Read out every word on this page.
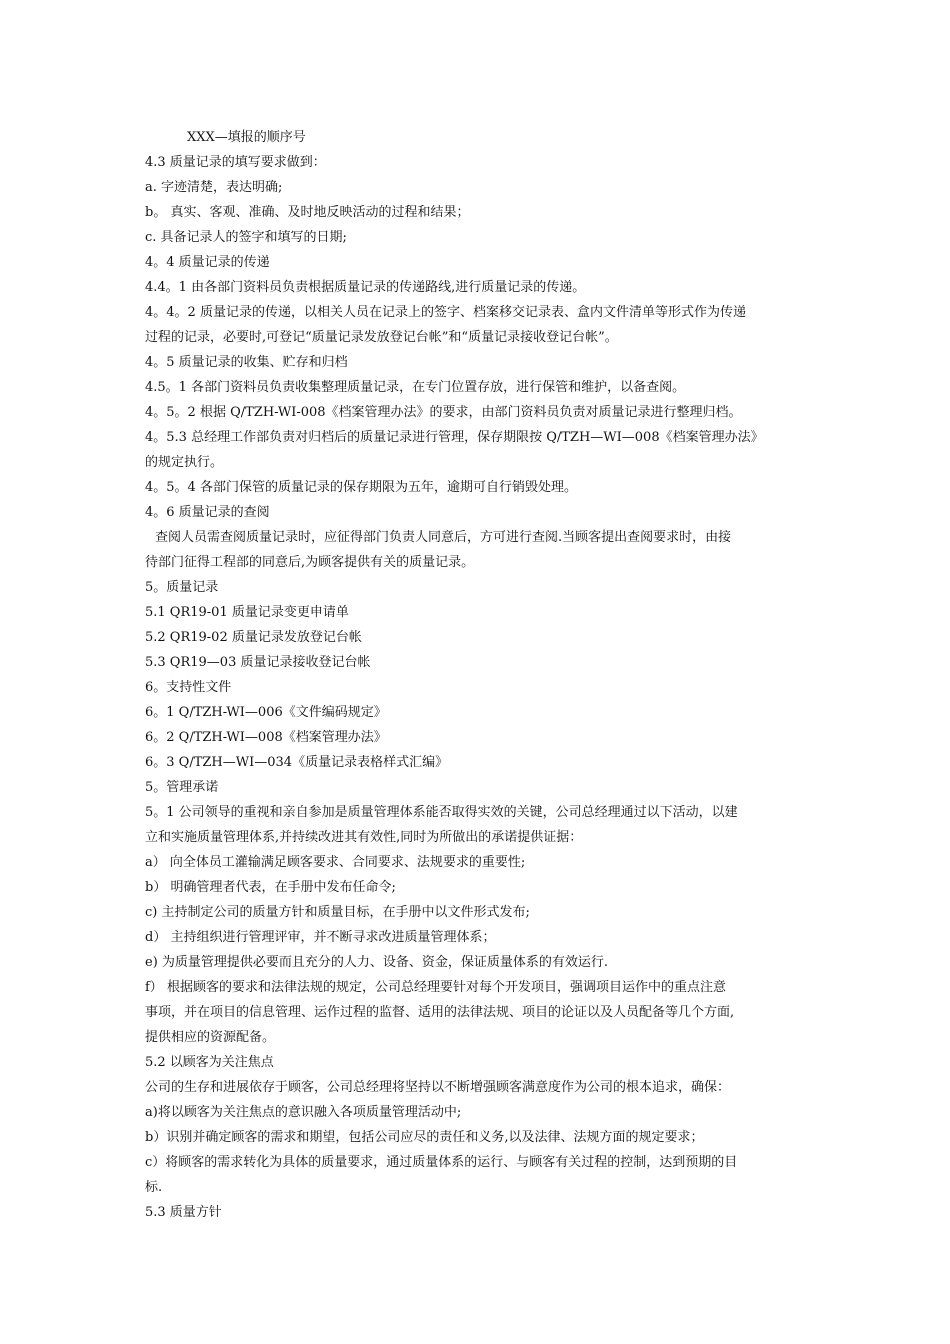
XXX—填报的顺序号
4.3 质量记录的填写要求做到：
a. 字迹清楚，表达明确;
b。 真实、客观、准确、及时地反映活动的过程和结果；
c. 具备记录人的签字和填写的日期;
4。4 质量记录的传递
4.4。1 由各部门资料员负责根据质量记录的传递路线,进行质量记录的传递。
4。4。2 质量记录的传递，以相关人员在记录上的签字、档案移交记录表、盒内文件清单等形式作为传递
过程的记录，必要时,可登记“质量记录发放登记台帐”和“质量记录接收登记台帐”。
4。5 质量记录的收集、贮存和归档
4.5。1 各部门资料员负责收集整理质量记录，在专门位置存放，进行保管和维护，以备查阅。
4。5。2 根据 Q/TZH-WI-008《档案管理办法》的要求，由部门资料员负责对质量记录进行整理归档。
4。5.3 总经理工作部负责对归档后的质量记录进行管理，保存期限按 Q/TZH—WI—008《档案管理办法》
的规定执行。
4。5。4 各部门保管的质量记录的保存期限为五年，逾期可自行销毁处理。
4。6 质量记录的查阅
查阅人员需查阅质量记录时，应征得部门负责人同意后，方可进行查阅.当顾客提出查阅要求时，由接
待部门征得工程部的同意后,为顾客提供有关的质量记录。
5。质量记录
5.1 QR19-01 质量记录变更申请单
5.2 QR19-02 质量记录发放登记台帐
5.3 QR19—03 质量记录接收登记台帐
6。支持性文件
6。1 Q/TZH-WI—006《文件编码规定》
6。2 Q/TZH-WI—008《档案管理办法》
6。3 Q/TZH—WI—034《质量记录表格样式汇编》
5。管理承诺
5。1 公司领导的重视和亲自参加是质量管理体系能否取得实效的关键，公司总经理通过以下活动，以建
立和实施质量管理体系,并持续改进其有效性,同时为所做出的承诺提供证据：
a） 向全体员工灌输满足顾客要求、合同要求、法规要求的重要性;
b） 明确管理者代表，在手册中发布任命令;
c) 主持制定公司的质量方针和质量目标，在手册中以文件形式发布;
d） 主持组织进行管理评审，并不断寻求改进质量管理体系；
e) 为质量管理提供必要而且充分的人力、设备、资金，保证质量体系的有效运行.
f） 根据顾客的要求和法律法规的规定，公司总经理要针对每个开发项目，强调项目运作中的重点注意
事项，并在项目的信息管理、运作过程的监督、适用的法律法规、项目的论证以及人员配备等几个方面,
提供相应的资源配备。
5.2 以顾客为关注焦点
公司的生存和进展依存于顾客，公司总经理将坚持以不断增强顾客满意度作为公司的根本追求，确保：
a)将以顾客为关注焦点的意识融入各项质量管理活动中;
b）识别并确定顾客的需求和期望，包括公司应尽的责任和义务,以及法律、法规方面的规定要求；
c）将顾客的需求转化为具体的质量要求，通过质量体系的运行、与顾客有关过程的控制，达到预期的目
标.
5.3 质量方针
